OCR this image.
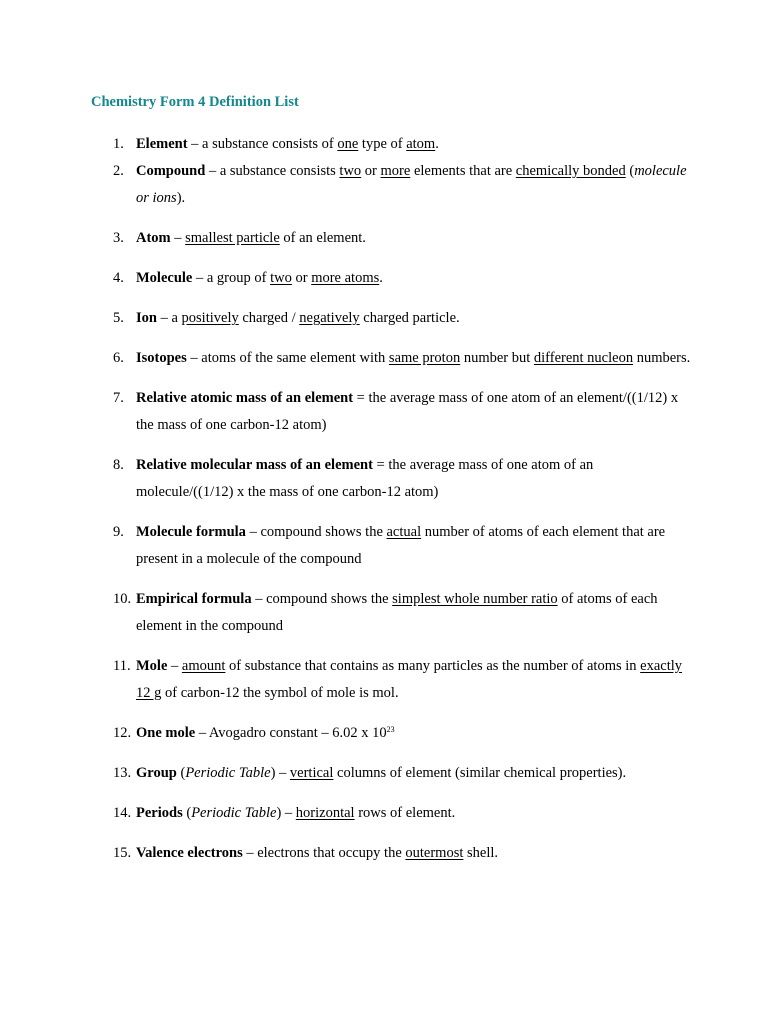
Chemistry Form 4 Definition List
1. Element – a substance consists of one type of atom.
2. Compound – a substance consists two or more elements that are chemically bonded (molecule or ions).
3. Atom – smallest particle of an element.
4. Molecule – a group of two or more atoms.
5. Ion – a positively charged / negatively charged particle.
6. Isotopes – atoms of the same element with same proton number but different nucleon numbers.
7. Relative atomic mass of an element = the average mass of one atom of an element/((1/12) x the mass of one carbon-12 atom)
8. Relative molecular mass of an element = the average mass of one atom of an molecule/((1/12) x the mass of one carbon-12 atom)
9. Molecule formula – compound shows the actual number of atoms of each element that are present in a molecule of the compound
10. Empirical formula – compound shows the simplest whole number ratio of atoms of each element in the compound
11. Mole – amount of substance that contains as many particles as the number of atoms in exactly 12 g of carbon-12 the symbol of mole is mol.
12. One mole – Avogadro constant – 6.02 x $10^{23}$
13. Group (Periodic Table) – vertical columns of element (similar chemical properties).
14. Periods (Periodic Table) – horizontal rows of element.
15. Valence electrons – electrons that occupy the outermost shell.
